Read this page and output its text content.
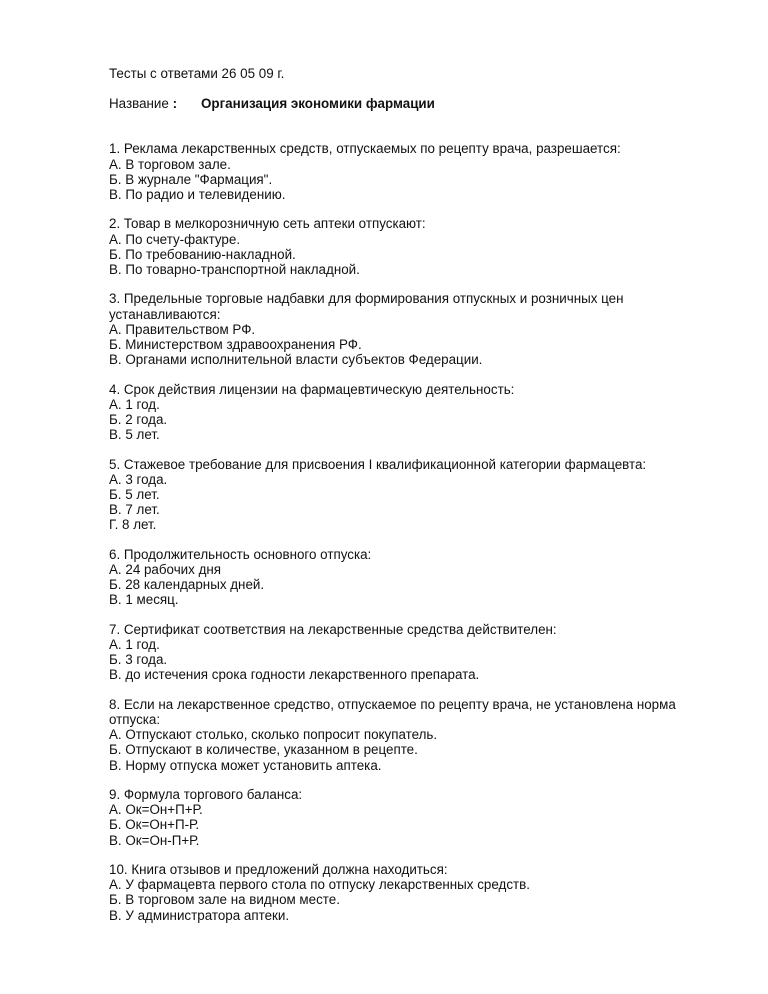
Тесты с ответами 26 05 09 г.

Название :	Организация экономики фармации
1. Реклама лекарственных средств, отпускаемых по рецепту врача, разрешается:
А. В торговом зале.
Б. В журнале "Фармация".
В. По радио и телевидению.
2. Товар в мелкорозничную сеть аптеки отпускают:
А. По счету-фактуре.
Б. По требованию-накладной.
В. По товарно-транспортной накладной.
3. Предельные торговые надбавки для формирования отпускных и розничных цен устанавливаются:
А. Правительством РФ.
Б. Министерством здравоохранения РФ.
В. Органами исполнительной власти субъектов Федерации.
4. Срок действия лицензии на фармацевтическую деятельность:
А. 1 год.
Б. 2 года.
В. 5 лет.
5. Стажевое требование для присвоения I квалификационной категории фармацевта:
А. 3 года.
Б. 5 лет.
В. 7 лет.
Г. 8 лет.
6. Продолжительность основного отпуска:
А. 24 рабочих дня
Б. 28 календарных дней.
В. 1 месяц.
7. Сертификат соответствия на лекарственные средства действителен:
А. 1 год.
Б. 3 года.
В. до истечения срока годности лекарственного препарата.
8. Если на лекарственное средство, отпускаемое по рецепту врача, не установлена норма отпуска:
А. Отпускают столько, сколько попросит покупатель.
Б. Отпускают в количестве, указанном в рецепте.
В. Норму отпуска может установить аптека.
9. Формула торгового баланса:
А. Ок=Он+П+Р.
Б. Ок=Он+П-Р.
В. Ок=Он-П+Р.
10. Книга отзывов и предложений должна находиться:
А. У фармацевта первого стола по отпуску лекарственных средств.
Б. В торговом зале на видном месте.
В. У администратора аптеки.
